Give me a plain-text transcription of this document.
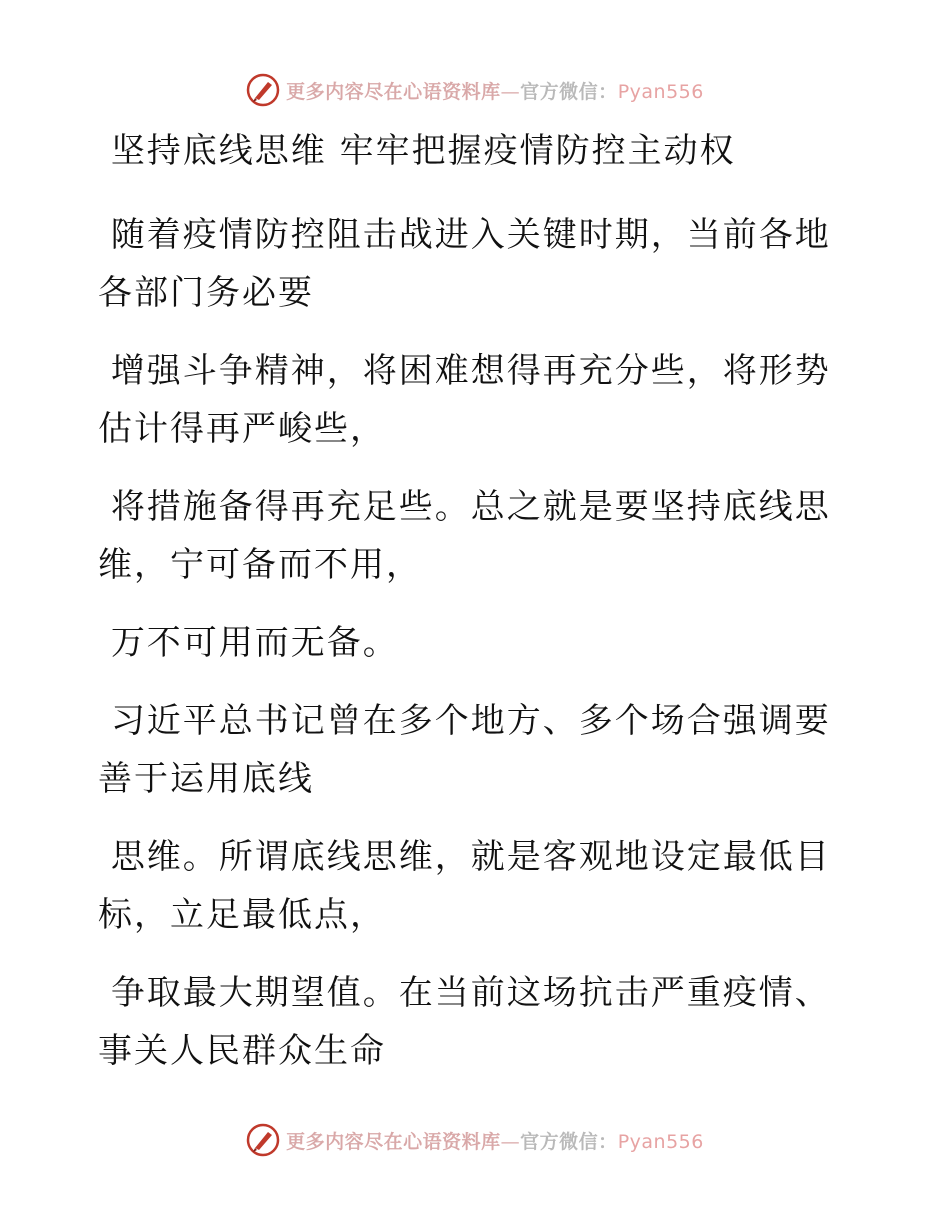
更多内容尽在心语资料库—官方微信：Pyan556

坚持底线思维 牢牢把握疫情防控主动权

随着疫情防控阻击战进入关键时期，当前各地各部门务必要

增强斗争精神，将困难想得再充分些，将形势估计得再严峻些，

将措施备得再充足些。总之就是要坚持底线思维，宁可备而不用，

万不可用而无备。

习近平总书记曾在多个地方、多个场合强调要善于运用底线

思维。所谓底线思维，就是客观地设定最低目标，立足最低点，

争取最大期望值。在当前这场抗击严重疫情、事关人民群众生命

更多内容尽在心语资料库—官方微信：Pyan556
